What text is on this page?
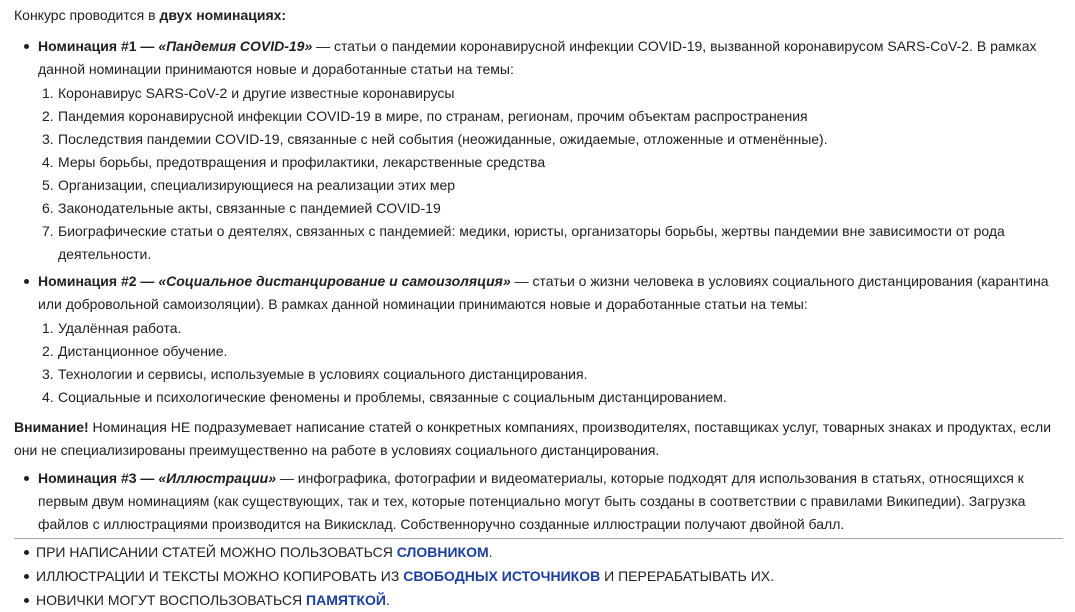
Конкурс проводится в двух номинациях:

Номинация #1 — «Пандемия COVID-19» — статьи о пандемии коронавирусной инфекции COVID-19, вызванной коронавирусом SARS-CoV-2. В рамках данной номинации принимаются новые и доработанные статьи на темы:

1. Коронавирус SARS-CoV-2 и другие известные коронавирусы
2. Пандемия коронавирусной инфекции COVID-19 в мире, по странам, регионам, прочим объектам распространения
3. Последствия пандемии COVID-19, связанные с ней события (неожиданные, ожидаемые, отложенные и отменённые).
4. Меры борьбы, предотвращения и профилактики, лекарственные средства
5. Организации, специализирующиеся на реализации этих мер
6. Законодательные акты, связанные с пандемией COVID-19
7. Биографические статьи о деятелях, связанных с пандемией: медики, юристы, организаторы борьбы, жертвы пандемии вне зависимости от рода деятельности.

Номинация #2 — «Социальное дистанцирование и самоизоляция» — статьи о жизни человека в условиях социального дистанцирования (карантина или добровольной самоизоляции). В рамках данной номинации принимаются новые и доработанные статьи на темы:

1. Удалённая работа.
2. Дистанционное обучение.
3. Технологии и сервисы, используемые в условиях социального дистанцирования.
4. Социальные и психологические феномены и проблемы, связанные с социальным дистанцированием.

Внимание! Номинация НЕ подразумевает написание статей о конкретных компаниях, производителях, поставщиках услуг, товарных знаках и продуктах, если они не специализированы преимущественно на работе в условиях социального дистанцирования.

Номинация #3 — «Иллюстрации» — инфографика, фотографии и видеоматериалы, которые подходят для использования в статьях, относящихся к первым двум номинациям (как существующих, так и тех, которые потенциально могут быть созданы в соответствии с правилами Википедии). Загрузка файлов с иллюстрациями производится на Викисклад. Собственноручно созданные иллюстрации получают двойной балл.

ПРИ НАПИСАНИИ СТАТЕЙ МОЖНО ПОЛЬЗОВАТЬСЯ СЛОВНИКОМ.

ИЛЛЮСТРАЦИИ И ТЕКСТЫ МОЖНО КОПИРОВАТЬ ИЗ СВОБОДНЫХ ИСТОЧНИКОВ И ПЕРЕРАБАТЫВАТЬ ИХ.

НОВИЧКИ МОГУТ ВОСПОЛЬЗОВАТЬСЯ ПАМЯТКОЙ.
